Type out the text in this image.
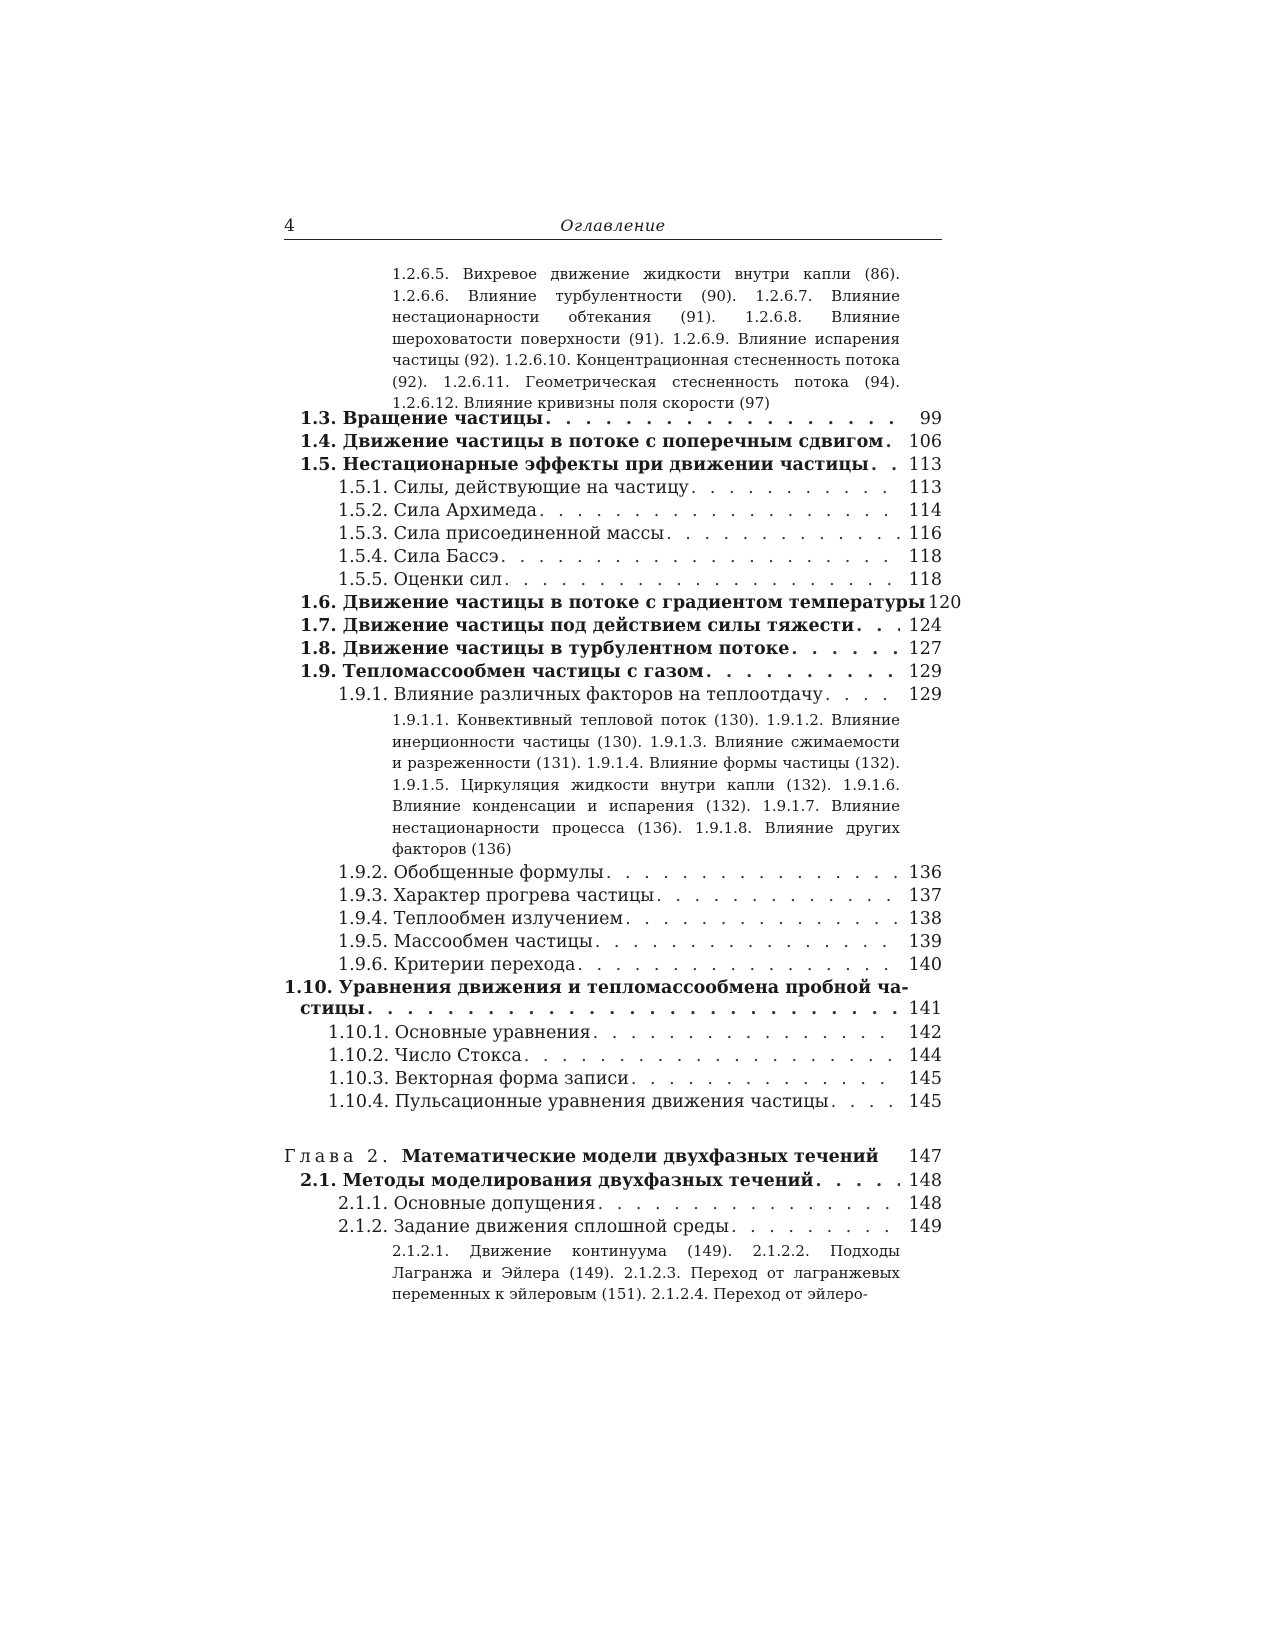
4	Оглавление
1.2.6.5. Вихревое движение жидкости внутри капли (86). 1.2.6.6. Влияние турбулентности (90). 1.2.6.7. Влияние нестационарности обтекания (91). 1.2.6.8. Влияние шероховатости поверхности (91). 1.2.6.9. Влияние испарения частицы (92). 1.2.6.10. Концентрационная стесненность потока (92). 1.2.6.11. Геометрическая стесненность потока (94). 1.2.6.12. Влияние кривизны поля скорости (97)
1.3. Вращение частицы . . .	99
1.4. Движение частицы в потоке с поперечным сдвигом . . . 106
1.5. Нестационарные эффекты при движении частицы . . . 113
1.5.1. Силы, действующие на частицу . . .	113
1.5.2. Сила Архимеда . . .	114
1.5.3. Сила присоединенной массы . . .	116
1.5.4. Сила Бассэ . . .	118
1.5.5. Оценки сил . . .	118
1.6. Движение частицы в потоке с градиентом температуры 120
1.7. Движение частицы под действием силы тяжести . . .	124
1.8. Движение частицы в турбулентном потоке . . .	127
1.9. Тепломассообмен частицы с газом . . .	129
1.9.1. Влияние различных факторов на теплоотдачу . . .	129
1.9.1.1. Конвективный тепловой поток (130). 1.9.1.2. Влияние инерционности частицы (130). 1.9.1.3. Влияние сжимаемости и разреженности (131). 1.9.1.4. Влияние формы частицы (132). 1.9.1.5. Циркуляция жидкости внутри капли (132). 1.9.1.6. Влияние конденсации и испарения (132). 1.9.1.7. Влияние нестационарности процесса (136). 1.9.1.8. Влияние других факторов (136)
1.9.2. Обобщенные формулы . . .	136
1.9.3. Характер прогрева частицы . . .	137
1.9.4. Теплообмен излучением . . .	138
1.9.5. Массообмен частицы . . .	139
1.9.6. Критерии перехода . . .	140
1.10. Уравнения движения и тепломассообмена пробной ча-
стицы . . .	141
1.10.1. Основные уравнения . . .	142
1.10.2. Число Стокса . . .	144
1.10.3. Векторная форма записи . . .	145
1.10.4. Пульсационные уравнения движения частицы . . .	145
Глава 2. Математические модели двухфазных течений 147
2.1. Методы моделирования двухфазных течений . . .	148
2.1.1. Основные допущения . . .	148
2.1.2. Задание движения сплошной среды . . .	149
2.1.2.1. Движение континуума (149). 2.1.2.2. Подходы Лагранжа и Эйлера (149). 2.1.2.3. Переход от лагранжевых переменных к эйлеровым (151). 2.1.2.4. Переход от эйлеро-
